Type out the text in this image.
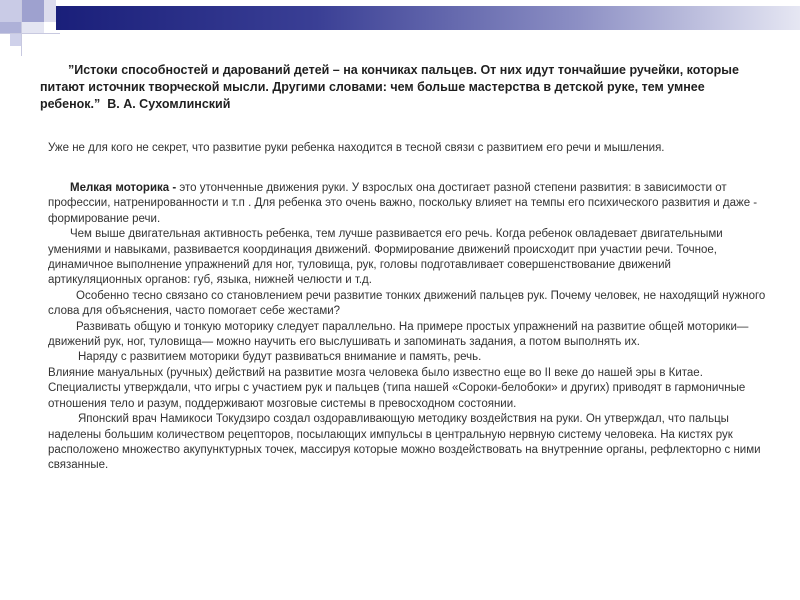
”Истоки способностей и дарований детей – на кончиках пальцев. От них идут тончайшие ручейки, которые питают источник творческой мысли. Другими словами: чем больше мастерства в детской руке, тем умнее ребенок.” В. А. Сухомлинский

Уже не для кого не секрет, что развитие руки ребенка находится в тесной связи с развитием его речи и мышления.

Мелкая моторика - это утонченные движения руки. У взрослых она достигает разной степени развития: в зависимости от профессии, натренированности и т.п . Для ребенка это очень важно, поскольку влияет на темпы его психического развития и даже - формирование речи.

Чем выше двигательная активность ребенка, тем лучше развивается его речь. Когда ребенок овладевает двигательными умениями и навыками, развивается координация движений. Формирование движений происходит при участии речи. Точное, динамичное выполнение упражнений для ног, туловища, рук, головы подготавливает совершенствование движений артикуляционных органов: губ, языка, нижней челюсти и т.д.

Особенно тесно связано со становлением речи развитие тонких движений пальцев рук. Почему человек, не находящий нужного слова для объяснения, часто помогает себе жестами?

Развивать общую и тонкую моторику следует параллельно. На примере простых упражнений на развитие общей моторики— движений рук, ног, туловища— можно научить его выслушивать и запоминать задания, а потом выполнять их.

Наряду с развитием моторики будут развиваться внимание и память, речь.

Влияние мануальных (ручных) действий на развитие мозга человека было известно еще во II веке до нашей эры в Китае. Специалисты утверждали, что игры с участием рук и пальцев (типа нашей «Сороки-белобоки» и других) приводят в гармоничные отношения тело и разум, поддерживают мозговые системы в превосходном состоянии.

Японский врач Намикоси Токудзиро создал оздоравливающую методику воздействия на руки. Он утверждал, что пальцы наделены большим количеством рецепторов, посылающих импульсы в центральную нервную систему человека. На кистях рук расположено множество акупунктурных точек, массируя которые можно воздействовать на внутренние органы, рефлекторно с ними связанные.
